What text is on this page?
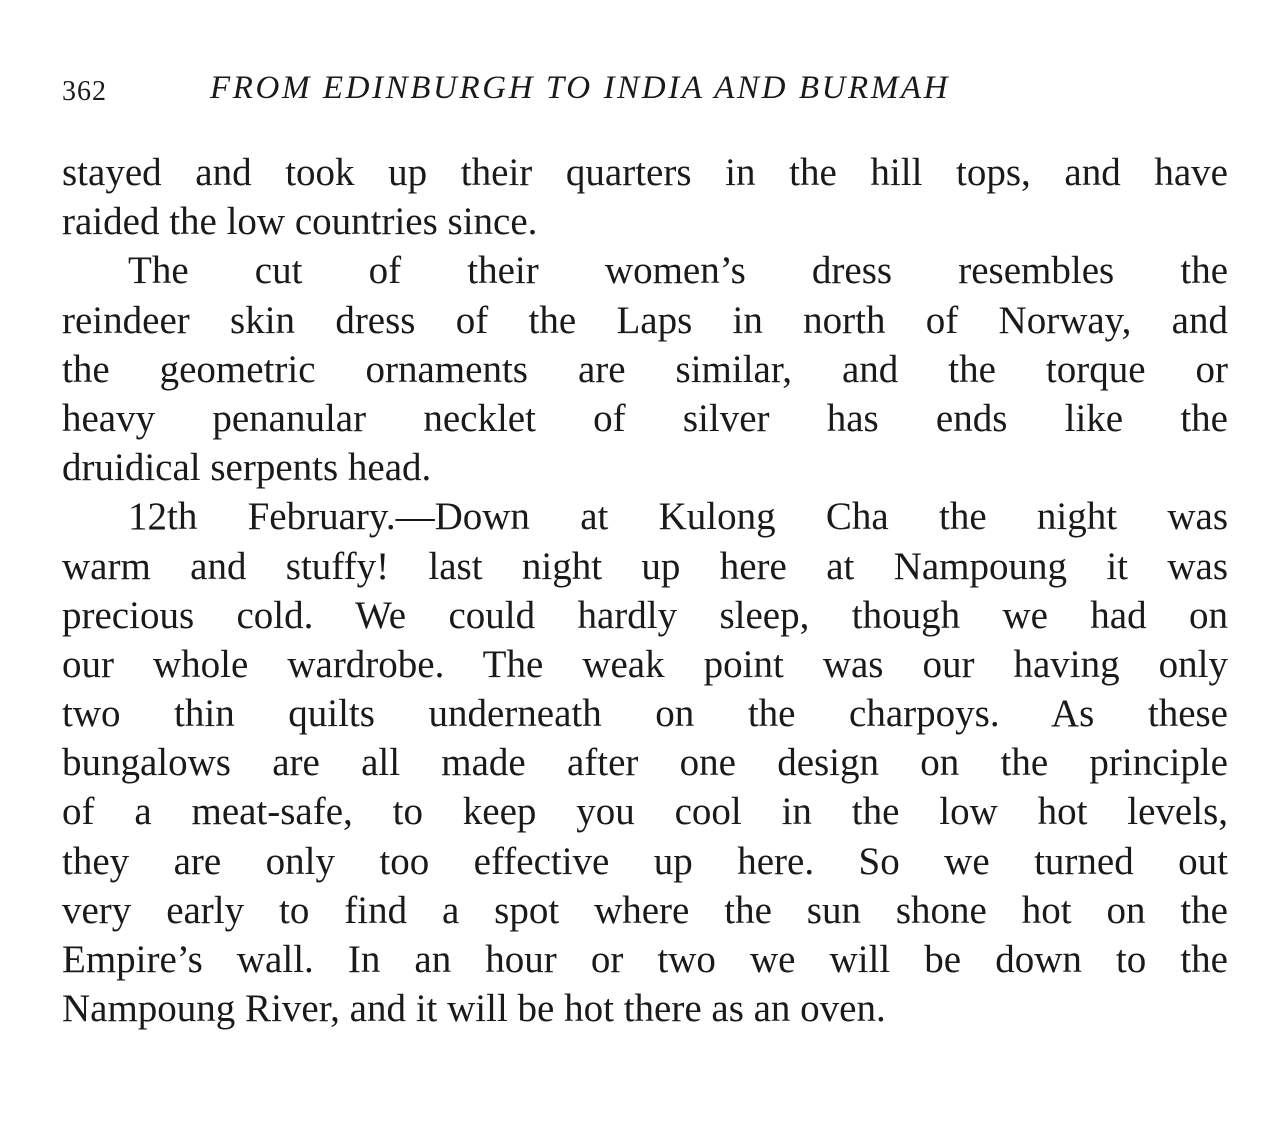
362	FROM EDINBURGH TO INDIA AND BURMAH
stayed and took up their quarters in the hill tops, and have
raided the low countries since.
The cut of their women’s dress resembles the
reindeer skin dress of the Laps in north of Norway, and
the geometric ornaments are similar, and the torque or
heavy penanular necklet of silver has ends like the
druidical serpents head.
12th February.—Down at Kulong Cha the night was
warm and stuffy! last night up here at Nampoung it was
precious cold. We could hardly sleep, though we had on
our whole wardrobe. The weak point was our having only
two thin quilts underneath on the charpoys. As these
bungalows are all made after one design on the principle
of a meat-safe, to keep you cool in the low hot levels,
they are only too effective up here. So we turned out
very early to find a spot where the sun shone hot on the
Empire’s wall. In an hour or two we will be down to the
Nampoung River, and it will be hot there as an oven.
